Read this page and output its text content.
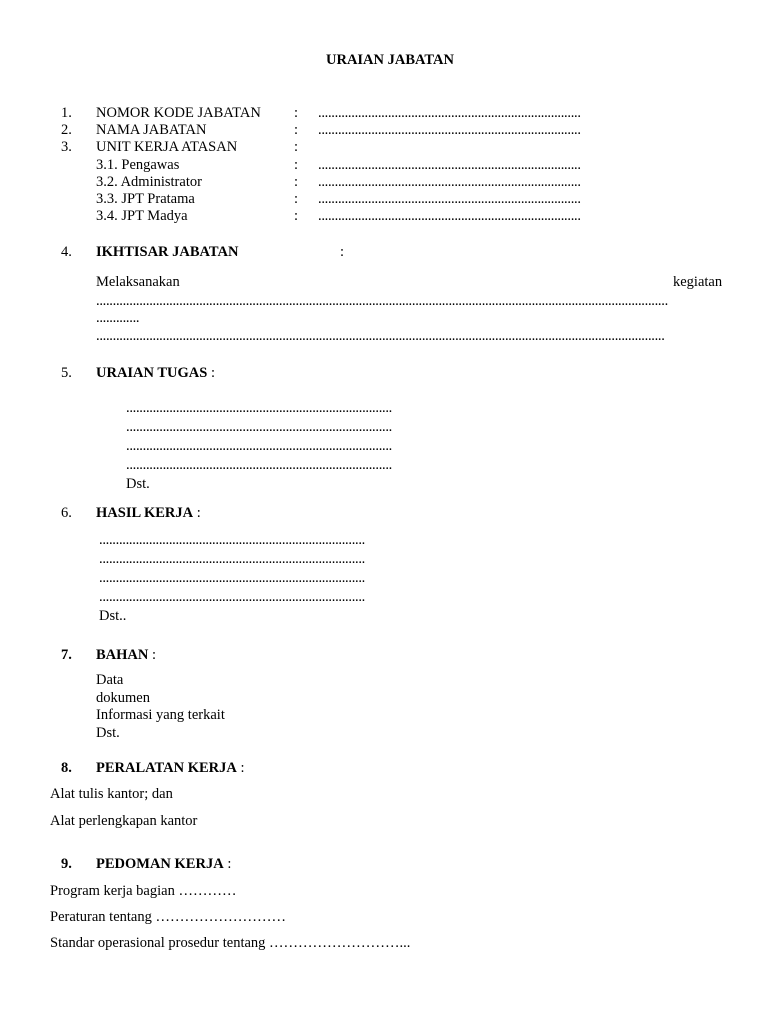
URAIAN JABATAN
1. NOMOR KODE JABATAN : ...............................................................................
2. NAMA JABATAN	: ...............................................................................
3. UNIT KERJA ATASAN	:
3.1. Pengawas	: ...............................................................................
3.2. Administrator	: ...............................................................................
3.3. JPT Pratama	: ...............................................................................
3.4. JPT Madya	: ...............................................................................
4. IKHTISAR JABATAN	:
Melaksanakan	kegiatan
............................................................................................................................................................................
.............
...........................................................................................................................................................................
5. URAIAN TUGAS :
................................................................................
................................................................................
................................................................................
................................................................................
Dst.
6. HASIL KERJA :
................................................................................
................................................................................
................................................................................
................................................................................
Dst..
7. BAHAN :
Data
dokumen
Informasi yang terkait
Dst.
8. PERALATAN KERJA :
Alat tulis kantor; dan
Alat perlengkapan kantor
9. PEDOMAN KERJA :
Program kerja bagian …………
Peraturan tentang ………………………
Standar operasional prosedur tentang ………………………...
